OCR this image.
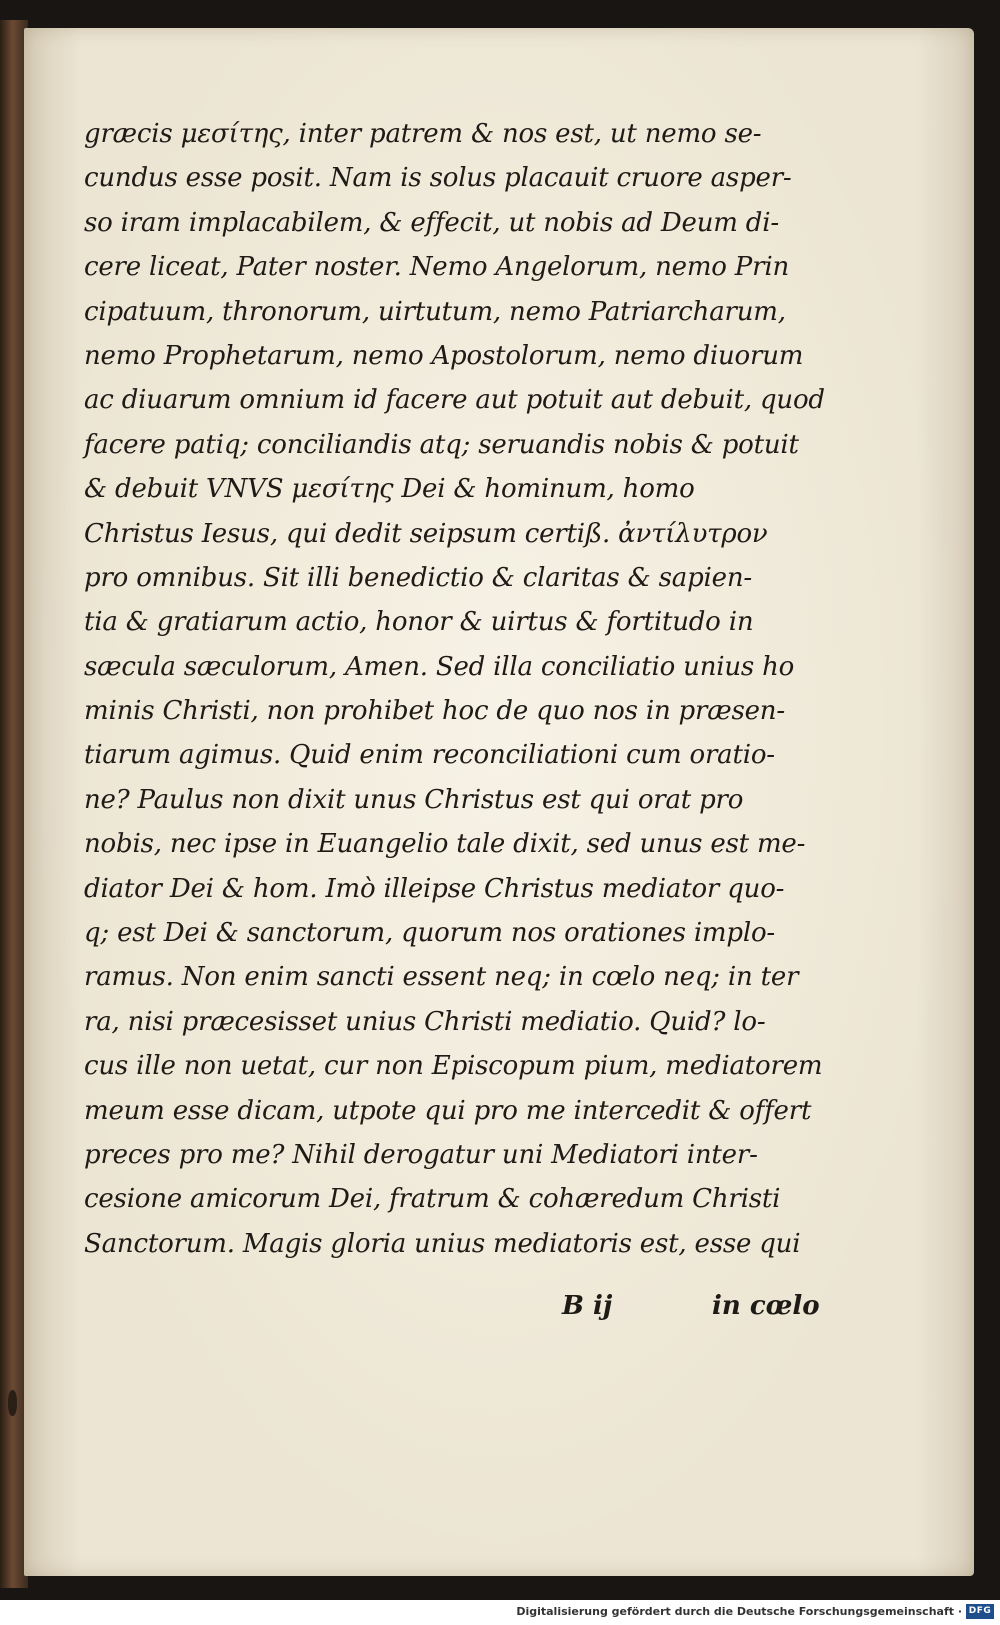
græcis μεσίτης, inter patrem & nos est, ut nemo se-
cundus esse posit. Nam is solus placauit cruore asper-
so iram implacabilem, & effecit, ut nobis ad Deum di-
cere liceat, Pater noster. Nemo Angelorum, nemo Prin
cipatuum, thronorum, uirtutum, nemo Patriarcharum,
nemo Prophetarum, nemo Apostolorum, nemo diuorum
ac diuarum omnium id facere aut potuit aut debuit, quod
facere patiq; conciliandis atq; seruandis nobis & potuit
& debuit VNVS μεσίτης Dei & hominum, homo
Christus Iesus, qui dedit seipsum certiß. ἀντίλυτρον
pro omnibus. Sit illi benedictio & claritas & sapien-
tia & gratiarum actio, honor & uirtus & fortitudo in
sæcula sæculorum, Amen. Sed illa conciliatio unius ho
minis Christi, non prohibet hoc de quo nos in præsen-
tiarum agimus. Quid enim reconciliationi cum oratio-
ne? Paulus non dixit unus Christus est qui orat pro
nobis, nec ipse in Euangelio tale dixit, sed unus est me-
diator Dei & hom. Imò illeipse Christus mediator quo-
q; est Dei & sanctorum, quorum nos orationes implo-
ramus. Non enim sancti essent neq; in cœlo neq; in ter
ra, nisi præcesisset unius Christi mediatio. Quid? lo-
cus ille non uetat, cur non Episcopum pium, mediatorem
meum esse dicam, utpote qui pro me intercedit & offert
preces pro me? Nihil derogatur uni Mediatori inter-
cesione amicorum Dei, fratrum & cohæredum Christi
Sanctorum. Magis gloria unius mediatoris est, esse qui
B ij	in cœlo
Digitalisierung gefördert durch die Deutsche Forschungsgemeinschaft · DFG
